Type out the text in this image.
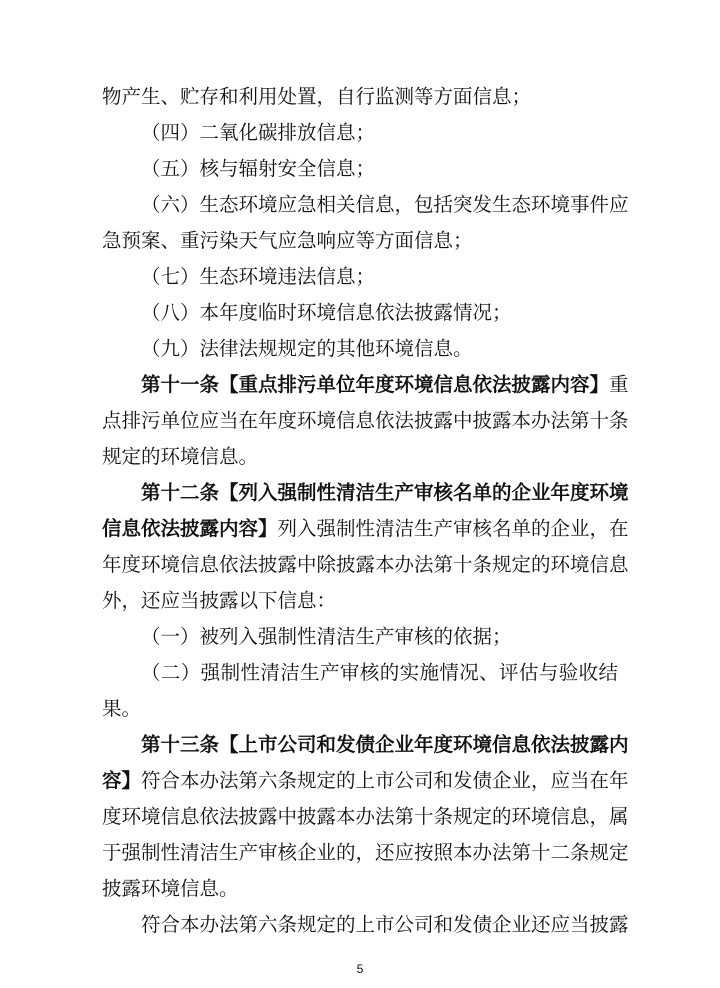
物产生、贮存和利用处置，自行监测等方面信息；
（四）二氧化碳排放信息；
（五）核与辐射安全信息；
（六）生态环境应急相关信息，包括突发生态环境事件应
急预案、重污染天气应急响应等方面信息；
（七）生态环境违法信息；
（八）本年度临时环境信息依法披露情况；
（九）法律法规规定的其他环境信息。
第十一条【重点排污单位年度环境信息依法披露内容】重
点排污单位应当在年度环境信息依法披露中披露本办法第十条
规定的环境信息。
第十二条【列入强制性清洁生产审核名单的企业年度环境
信息依法披露内容】列入强制性清洁生产审核名单的企业，在
年度环境信息依法披露中除披露本办法第十条规定的环境信息
外，还应当披露以下信息：
（一）被列入强制性清洁生产审核的依据；
（二）强制性清洁生产审核的实施情况、评估与验收结
果。
第十三条【上市公司和发债企业年度环境信息依法披露内
容】符合本办法第六条规定的上市公司和发债企业，应当在年
度环境信息依法披露中披露本办法第十条规定的环境信息，属
于强制性清洁生产审核企业的，还应按照本办法第十二条规定
披露环境信息。
符合本办法第六条规定的上市公司和发债企业还应当披露
5
